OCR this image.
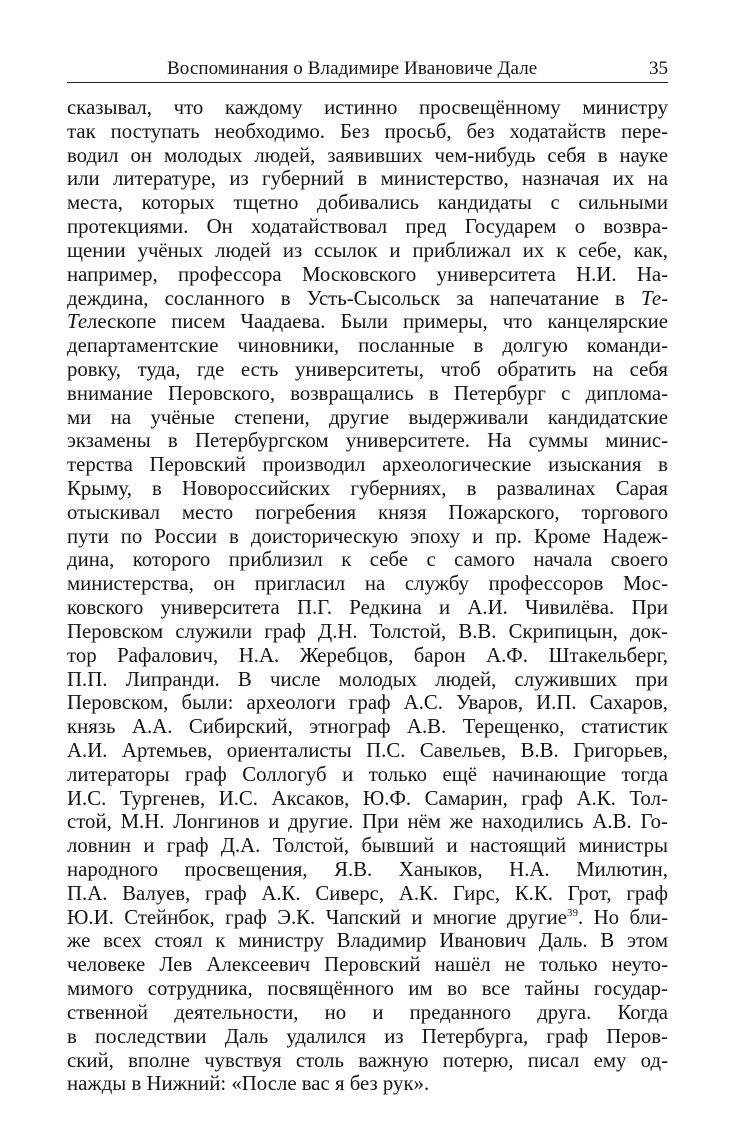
Воспоминания о Владимире Ивановиче Дале	35
сказывал, что каждому истинно просвещённому министру
так поступать необходимо. Без просьб, без ходатайств пере-
водил он молодых людей, заявивших чем-нибудь себя в науке
или литературе, из губерний в министерство, назначая их на
места, которых тщетно добивались кандидаты с сильными
протекциями. Он ходатайствовал пред Государем о возвра-
щении учёных людей из ссылок и приближал их к себе, как,
например, профессора Московского университета Н.И. На-
деждина, сосланного в Усть-Сысольск за напечатание в Те-
Телескопе писем Чаадаева. Были примеры, что канцелярские
департаментские чиновники, посланные в долгую команди-
ровку, туда, где есть университеты, чтоб обратить на себя
внимание Перовского, возвращались в Петербург с диплома-
ми на учёные степени, другие выдерживали кандидатские
экзамены в Петербургском университете. На суммы минис-
терства Перовский производил археологические изыскания в
Крыму, в Новороссийских губерниях, в развалинах Сарая
отыскивал место погребения князя Пожарского, торгового
пути по России в доисторическую эпоху и пр. Кроме Надеж-
дина, которого приблизил к себе с самого начала своего
министерства, он пригласил на службу профессоров Мос-
ковского университета П.Г. Редкина и А.И. Чивилёва. При
Перовском служили граф Д.Н. Толстой, В.В. Скрипицын, док-
тор Рафалович, Н.А. Жеребцов, барон А.Ф. Штакельберг,
П.П. Липранди. В числе молодых людей, служивших при
Перовском, были: археологи граф А.С. Уваров, И.П. Сахаров,
князь А.А. Сибирский, этнограф А.В. Терещенко, статистик
А.И. Артемьев, ориенталисты П.С. Савельев, В.В. Григорьев,
литераторы граф Соллогуб и только ещё начинающие тогда
И.С. Тургенев, И.С. Аксаков, Ю.Ф. Самарин, граф А.К. Тол-
стой, М.Н. Лонгинов и другие. При нём же находились А.В. Го-
ловнин и граф Д.А. Толстой, бывший и настоящий министры
народного просвещения, Я.В. Ханыков, Н.А. Милютин,
П.А. Валуев, граф А.К. Сиверс, А.К. Гирс, К.К. Грот, граф
Ю.И. Стейнбок, граф Э.К. Чапский и многие другие$^{39}$. Но бли-
же всех стоял к министру Владимир Иванович Даль. В этом
человеке Лев Алексеевич Перовский нашёл не только неуто-
мимого сотрудника, посвящённого им во все тайны государ-
ственной деятельности, но и преданного друга. Когда
в последствии Даль удалился из Петербурга, граф Перов-
ский, вполне чувствуя столь важную потерю, писал ему од-
нажды в Нижний: «После вас я без рук».
